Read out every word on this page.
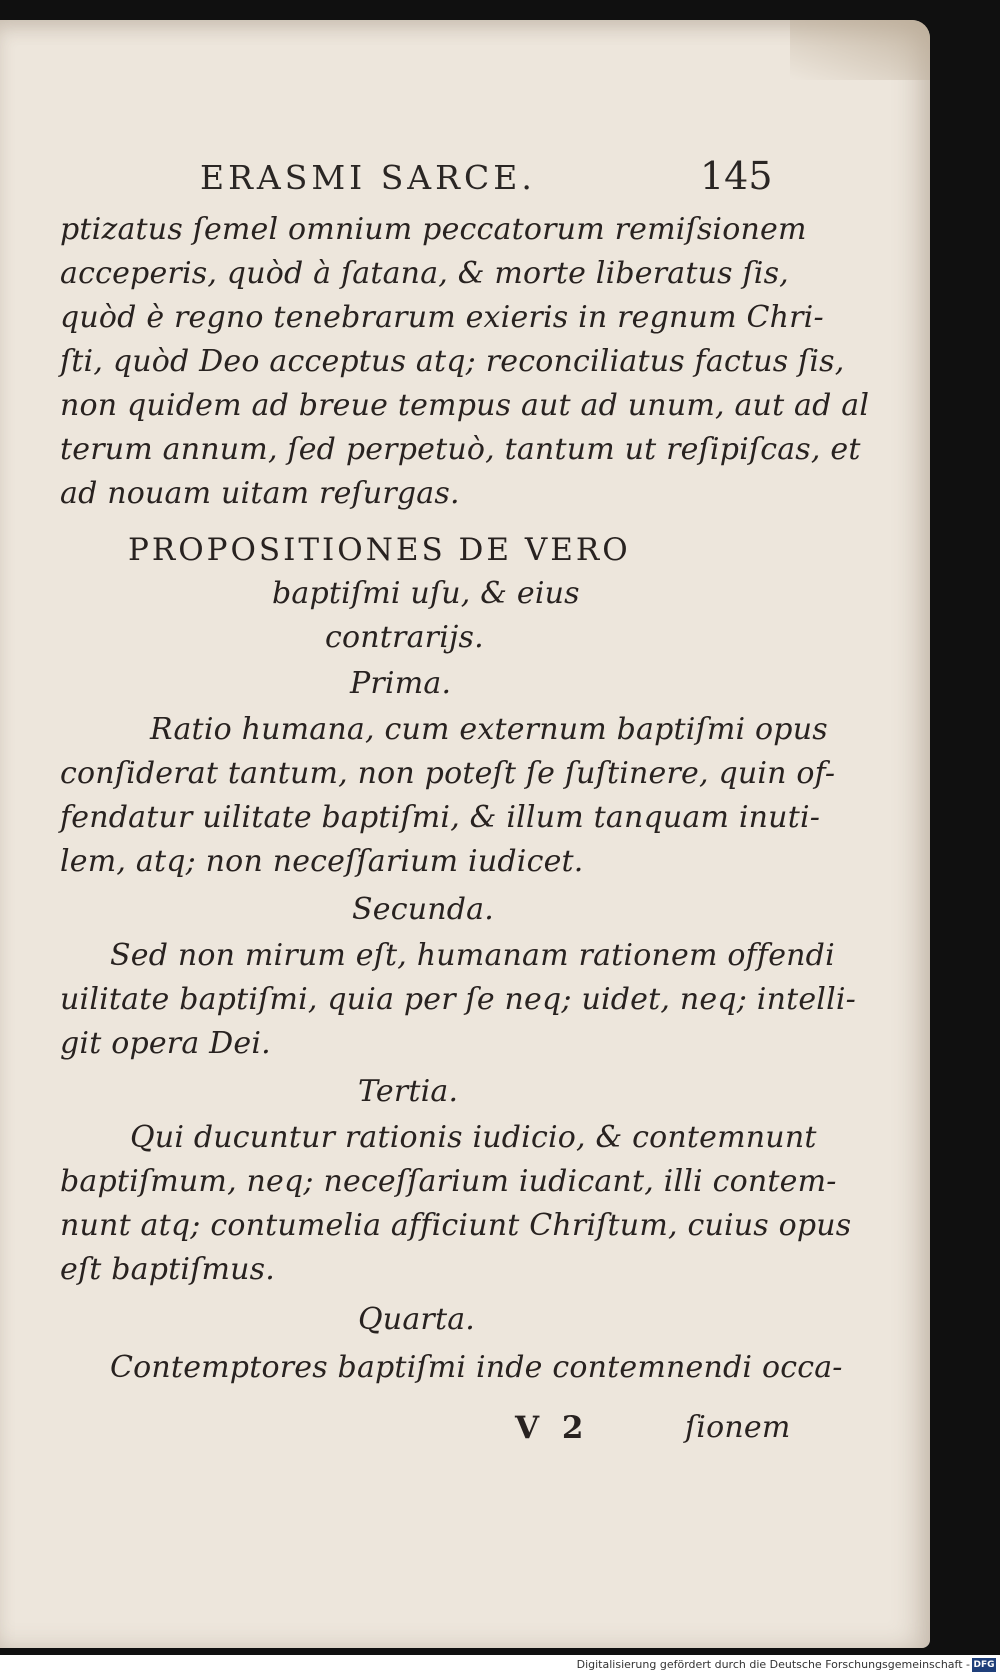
ERASMI SARCE.	145
ptizatus ſemel omnium peccatorum remiſsionem
acceperis, quòd à ſatana, & morte liberatus ſis,
quòd è regno tenebrarum exieris in regnum Chri-
ſti, quòd Deo acceptus atq; reconciliatus factus ſis,
non quidem ad breue tempus aut ad unum, aut ad al
terum annum, ſed perpetuò, tantum ut reſipiſcas, et
ad nouam uitam reſurgas.
PROPOSITIONES DE VERO
baptiſmi uſu, & eius
contrarijs.
Prima.
Ratio humana, cum externum baptiſmi opus
conſiderat tantum, non poteſt ſe ſuſtinere, quin of-
fendatur uilitate baptiſmi, & illum tanquam inuti-
lem, atq; non neceſſarium iudicet.
Secunda.
Sed non mirum eſt, humanam rationem offendi
uilitate baptiſmi, quia per ſe neq; uidet, neq; intelli-
git opera Dei.
Tertia.
Qui ducuntur rationis iudicio, & contemnunt
baptiſmum, neq; neceſſarium iudicant, illi contem-
nunt atq; contumelia afficiunt Chriſtum, cuius opus
eſt baptiſmus.
Quarta.
Contemptores baptiſmi inde contemnendi occa-
V 2	ſionem
Digitalisierung gefördert durch die Deutsche Forschungsgemeinschaft - DFG
